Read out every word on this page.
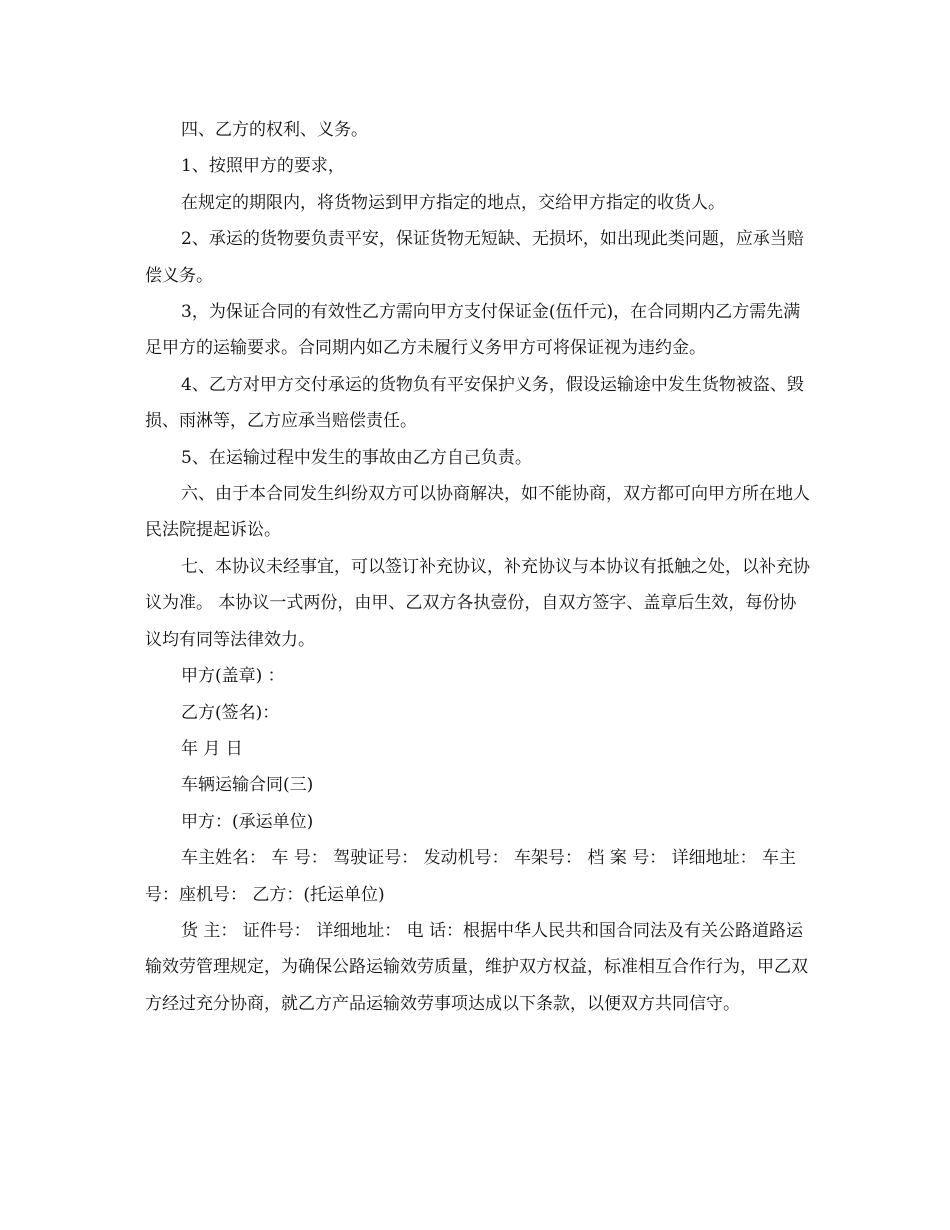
四、乙方的权利、义务。

1、按照甲方的要求，

在规定的期限内，将货物运到甲方指定的地点，交给甲方指定的收货人。

2、承运的货物要负责平安，保证货物无短缺、无损坏，如出现此类问题，应承当赔偿义务。

3，为保证合同的有效性乙方需向甲方支付保证金(伍仟元)，在合同期内乙方需先满足甲方的运输要求。合同期内如乙方未履行义务甲方可将保证视为违约金。

4、乙方对甲方交付承运的货物负有平安保护义务，假设运输途中发生货物被盗、毁损、雨淋等，乙方应承当赔偿责任。

5、在运输过程中发生的事故由乙方自己负责。

六、由于本合同发生纠纷双方可以协商解决，如不能协商，双方都可向甲方所在地人民法院提起诉讼。

七、本协议未经事宜，可以签订补充协议，补充协议与本协议有抵触之处，以补充协议为准。 本协议一式两份，由甲、乙双方各执壹份，自双方签字、盖章后生效，每份协议均有同等法律效力。

甲方(盖章) ：

乙方(签名)：

年 月 日

车辆运输合同(三)

甲方：(承运单位)

车主姓名： 车 号： 驾驶证号： 发动机号： 车架号： 档 案 号： 详细地址： 车主　号：座机号： 乙方：(托运单位)

货 主： 证件号： 详细地址： 电 话：根据中华人民共和国合同法及有关公路道路运输效劳管理规定，为确保公路运输效劳质量，维护双方权益，标准相互合作行为，甲乙双方经过充分协商，就乙方产品运输效劳事项达成以下条款，以便双方共同信守。
